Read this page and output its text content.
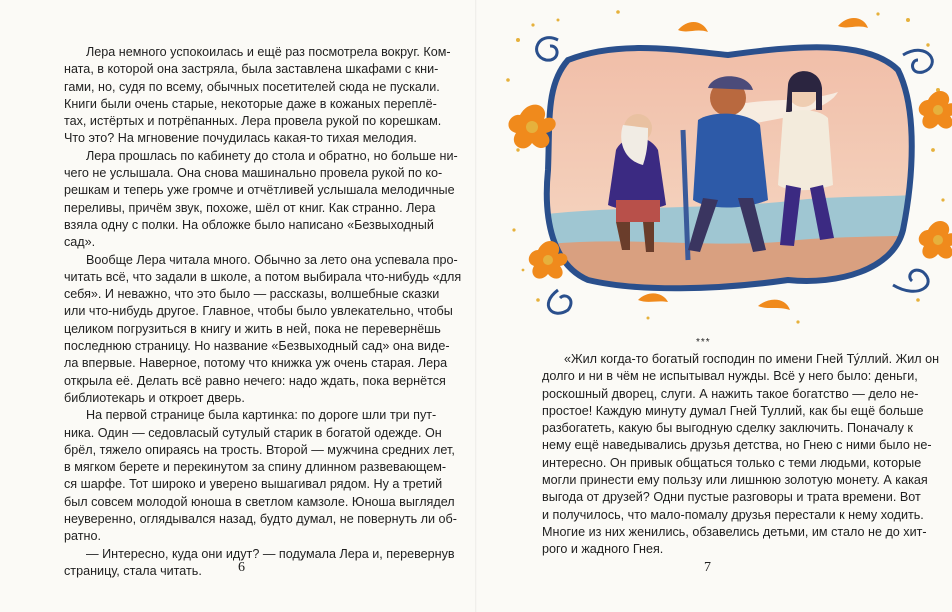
Лера немного успокоилась и ещё раз посмотрела вокруг. Ком-
ната, в которой она застряла, была заставлена шкафами с кни-
гами, но, судя по всему, обычных посетителей сюда не пускали.
Книги были очень старые, некоторые даже в кожаных переплё-
тах, истёртых и потрёпанных. Лера провела рукой по корешкам.
Что это? На мгновение почудилась какая-то тихая мелодия.
Лера прошлась по кабинету до стола и обратно, но больше ни-
чего не услышала. Она снова машинально провела рукой по ко-
решкам и теперь уже громче и отчётливей услышала мелодичные
переливы, причём звук, похоже, шёл от книг. Как странно. Лера
взяла одну с полки. На обложке было написано «Безвыходный
сад».
Вообще Лера читала много. Обычно за лето она успевала про-
читать всё, что задали в школе, а потом выбирала что-нибудь «для
себя». И неважно, что это было — рассказы, волшебные сказки
или что-нибудь другое. Главное, чтобы было увлекательно, чтобы
целиком погрузиться в книгу и жить в ней, пока не перевернёшь
последнюю страницу. Но название «Безвыходный сад» она виде-
ла впервые. Наверное, потому что книжка уж очень старая. Лера
открыла её. Делать всё равно нечего: надо ждать, пока вернётся
библиотекарь и откроет дверь.
На первой странице была картинка: по дороге шли три пут-
ника. Один — седовласый сутулый старик в богатой одежде. Он
брёл, тяжело опираясь на трость. Второй — мужчина средних лет,
в мягком берете и перекинутом за спину длинном развевающем-
ся шарфе. Тот широко и уверено вышагивал рядом. Ну а третий
был совсем молодой юноша в светлом камзоле. Юноша выглядел
неуверенно, оглядывался назад, будто думал, не повернуть ли об-
ратно.
— Интересно, куда они идут? — подумала Лера и, перевернув
страницу, стала читать.	6
***
«Жил когда-то богатый господин по имени Гней Ту́ллий. Жил он
долго и ни в чём не испытывал нужды. Всё у него было: деньги,
роскошный дворец, слуги. А нажить такое богатство — дело не-
простое! Каждую минуту думал Гней Туллий, как бы ещё больше
разбогатеть, какую бы выгодную сделку заключить. Поначалу к
нему ещё наведывались друзья детства, но Гнею с ними было не-
интересно. Он привык общаться только с теми людьми, которые
могли принести ему пользу или лишнюю золотую монету. А какая
выгода от друзей? Одни пустые разговоры и трата времени. Вот
и получилось, что мало-помалу друзья перестали к нему ходить.
Многие из них женились, обзавелись детьми, им стало не до хит-
рого и жадного Гнея.
7
